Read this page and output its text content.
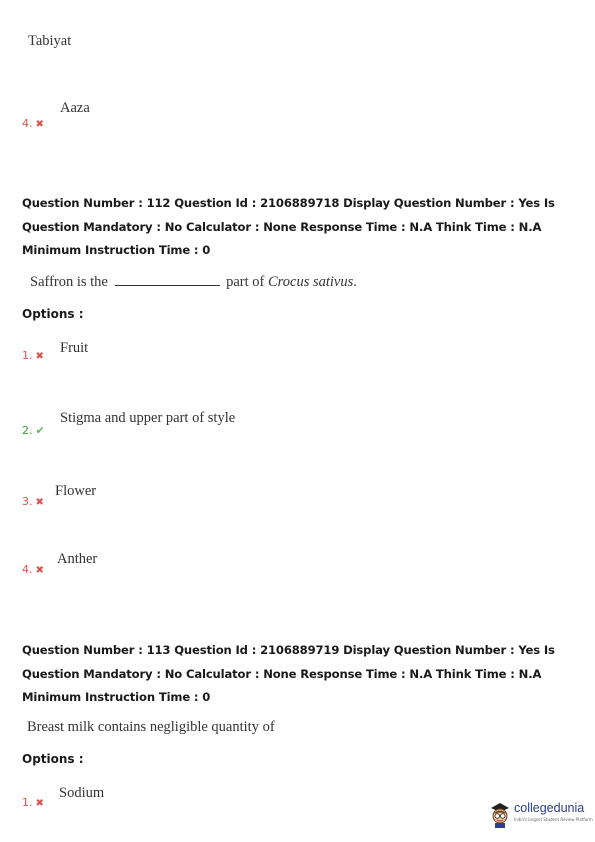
Tabiyat
4. ✖
Aaza
Question Number : 112 Question Id : 2106889718 Display Question Number : Yes Is Question Mandatory : No Calculator : None Response Time : N.A Think Time : N.A Minimum Instruction Time : 0
Saffron is the	part of Crocus sativus.
Options :
1. ✖
Fruit
2. ✔
Stigma and upper part of style
3. ✖
Flower
4. ✖
Anther
Question Number : 113 Question Id : 2106889719 Display Question Number : Yes Is Question Mandatory : No Calculator : None Response Time : N.A Think Time : N.A Minimum Instruction Time : 0
Breast milk contains negligible quantity of
Options :
1. ✖
Sodium
collegedunia
India's largest Student Review Platform
